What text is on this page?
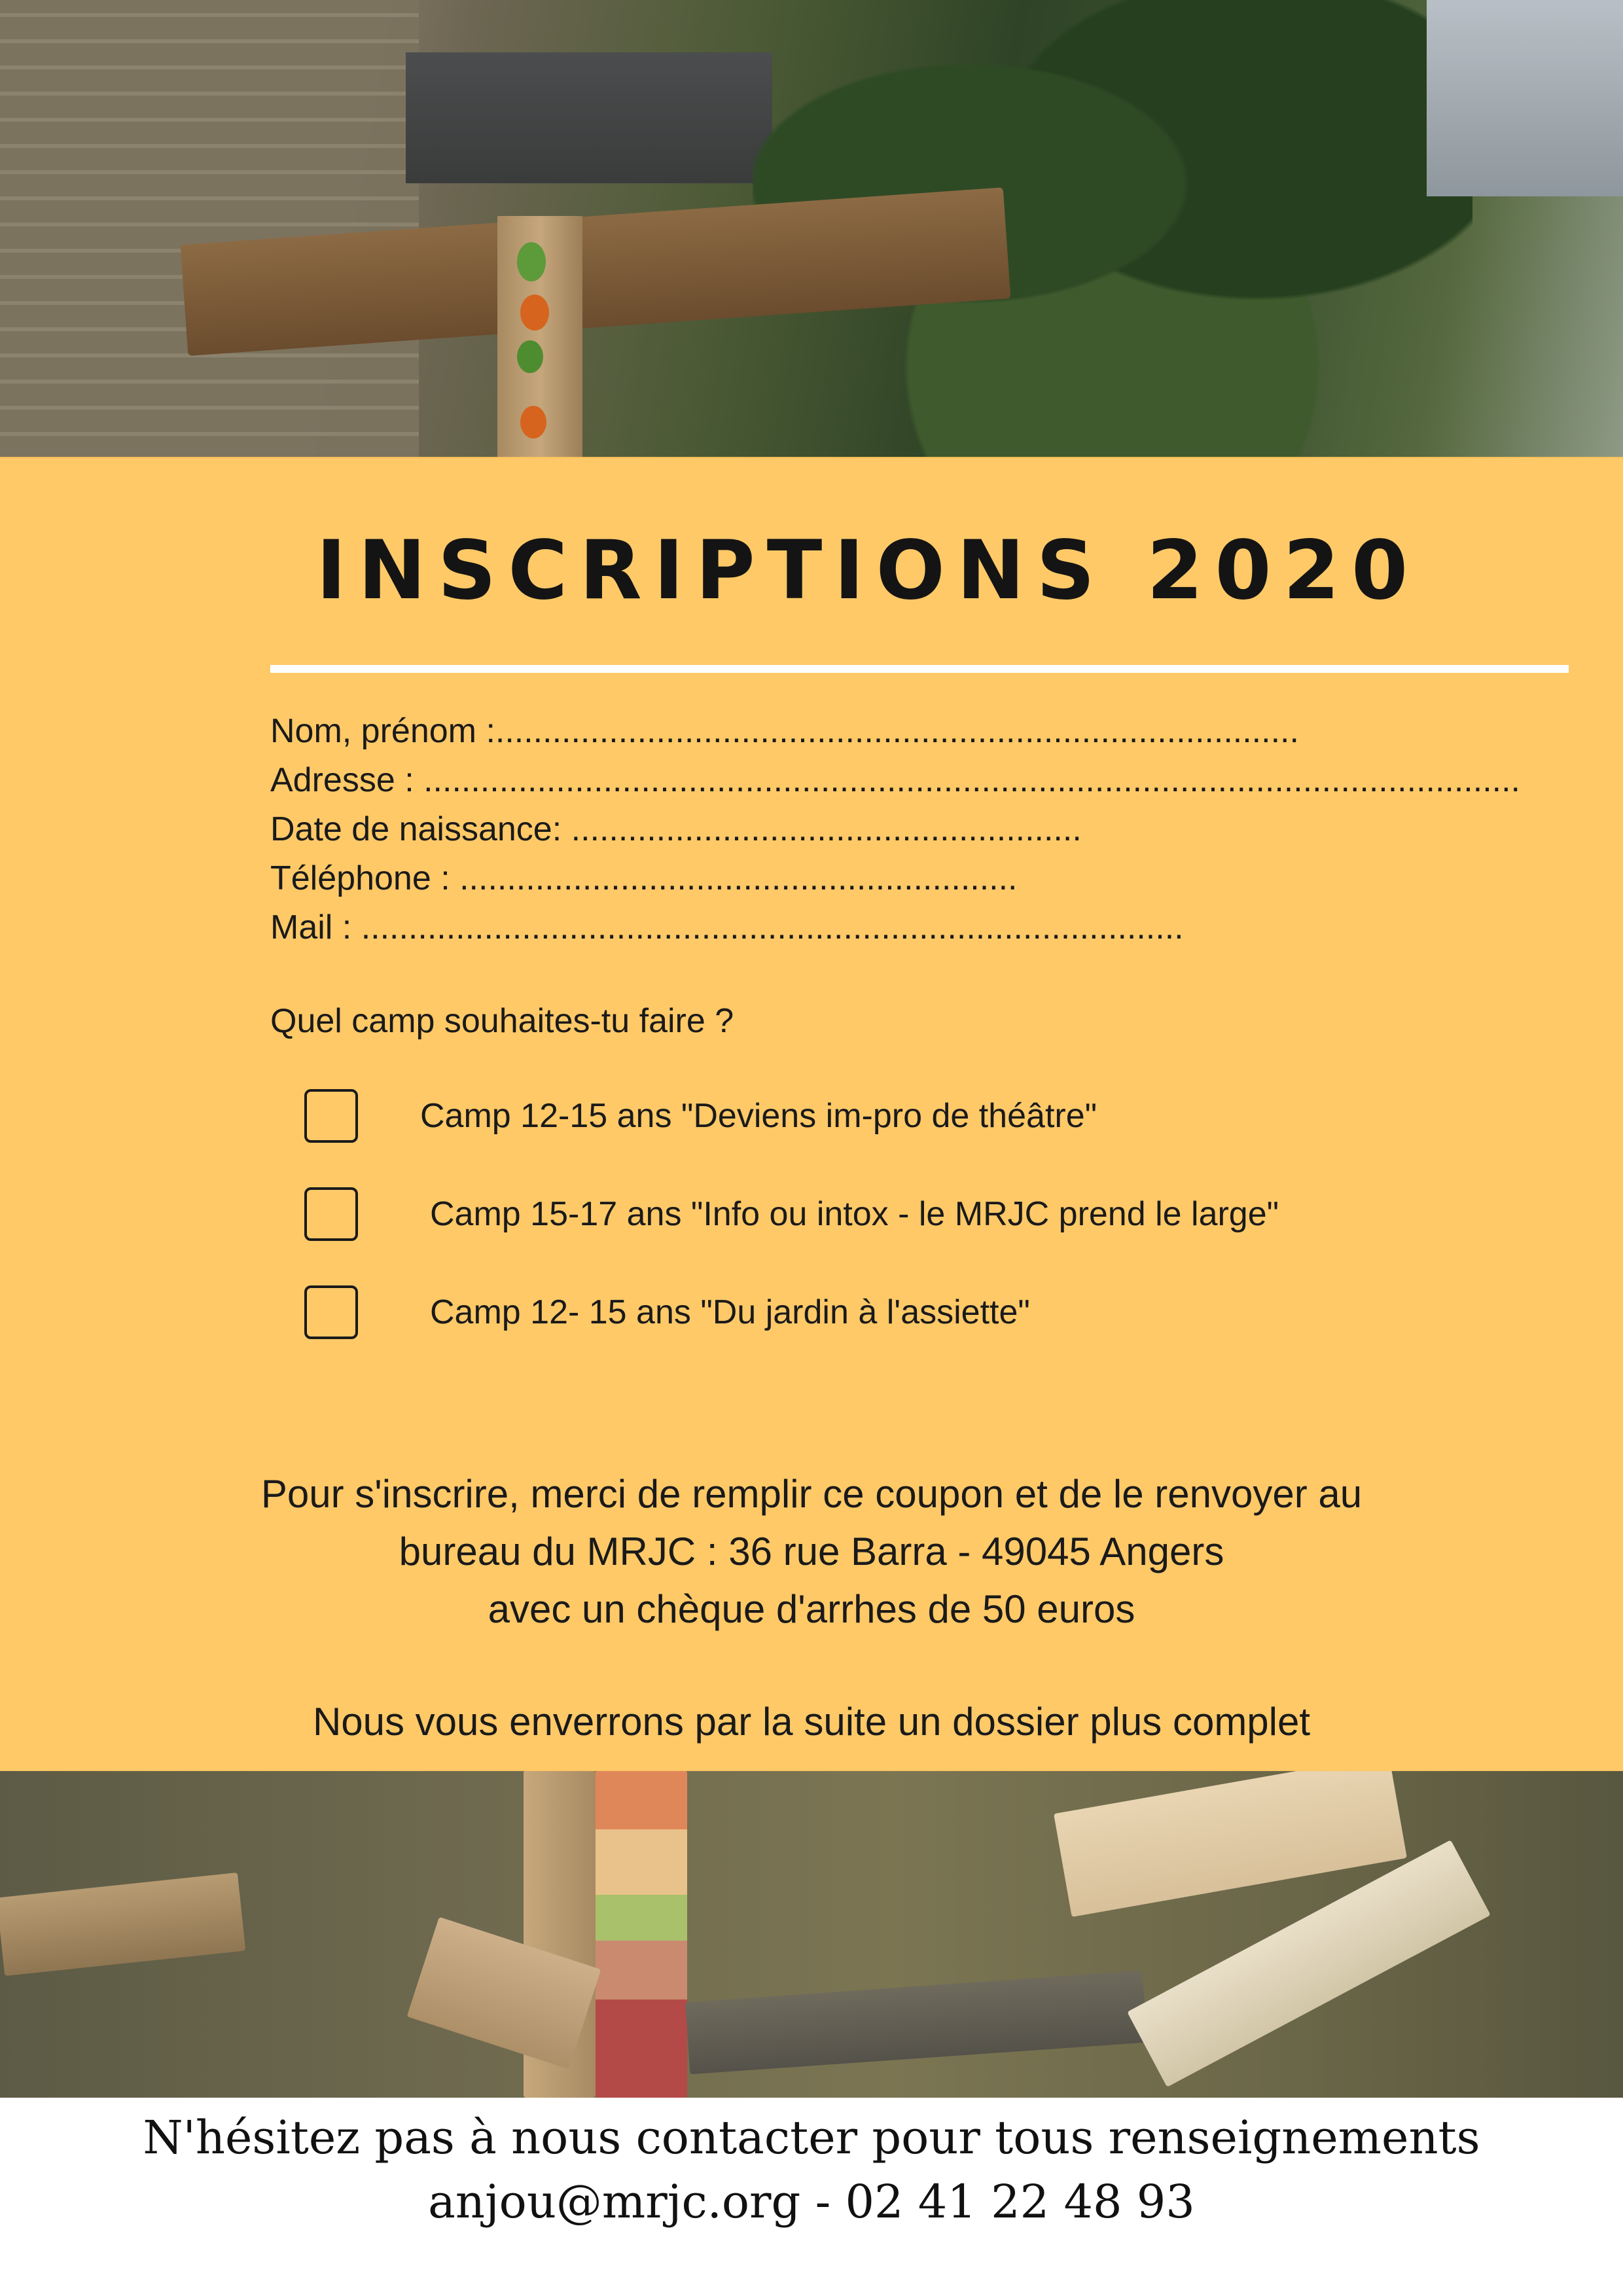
INSCRIPTIONS 2020
Nom, prénom :.....................................................................................
Adresse : ....................................................................................................................
Date de naissance: ......................................................
Téléphone : ...........................................................
Mail : .......................................................................................
Quel camp souhaites-tu faire ?
Camp 12-15 ans "Deviens im-pro de théâtre"
Camp 15-17 ans "Info ou intox - le MRJC prend le large"
Camp 12- 15 ans "Du jardin à l'assiette"
Pour s'inscrire, merci de remplir ce coupon et de le renvoyer au
bureau du MRJC : 36 rue Barra - 49045 Angers
avec un chèque d'arrhes de 50 euros
Nous vous enverrons par la suite un dossier plus complet
N'hésitez pas à nous contacter pour tous renseignements
anjou@mrjc.org - 02 41 22 48 93
